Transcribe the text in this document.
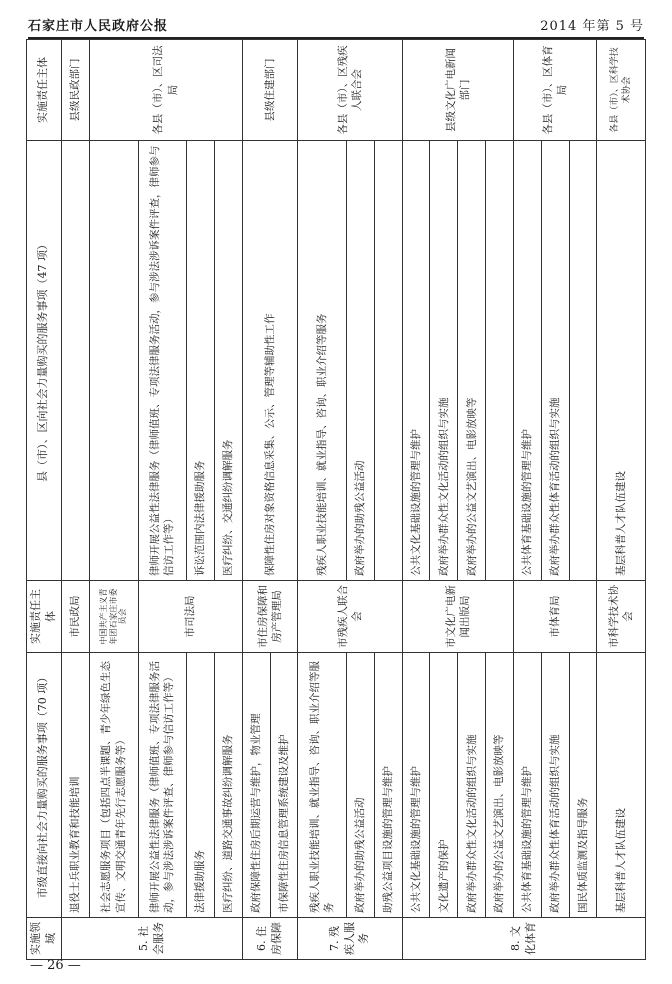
石家庄市人民政府公报	2014 年第 5 号
实施领域	市级直接向社会力量购买的服务事项（70 项）	实施责任主体	县（市）、区向社会力量购买的服务事项（47 项）	实施责任主体
5. 社会服务	退役士兵职业教育和技能培训	市民政局		县级民政部门
	社会志愿服务项目（包括四点半课题、青少年绿色生态宣传、文明交通青年先行志愿服务等）	中国共产主义青年团石家庄市委员会		各县（市）、区司法局
	律师开展公益性法律服务（律师值班、专项法律服务活动，参与涉法涉诉案件评查、律师参与信访工作等）	市司法局	律师开展公益性法律服务（律师值班、专项法律服务活动，参与涉法涉诉案件评查，律师参与信访工作等）	
	法律援助服务		诉讼范围内法律援助服务	
	医疗纠纷、道路交通事故纠纷调解服务		医疗纠纷、交通纠纷调解服务	
6. 住房保障	政府保障性住房后期运营与维护，物业管理	市住房保障和房产管理局	保障性住房对象资格信息采集、公示、管理等辅助性工作	县级住建部门
	市保障性住房信息管理系统建设及维护			
7. 残疾人服务	残疾人职业技能培训、就业指导、咨询、职业介绍等服务	市残疾人联合会	残疾人职业技能培训、就业指导、咨询、职业介绍等服务	各县（市）、区残疾人联合会
	政府举办的助残公益活动		政府举办的助残公益活动	
	助残公益项目设施的管理与维护			
8. 文化体育	公共文化基础设施的管理与维护	市文化广电新闻出版局	公共文化基础设施的管理与维护	县级文化广电新闻部门
	文化遗产的保护		政府举办群众性文化活动的组织与实施	
	政府举办群众性文化活动的组织与实施		政府举办的公益文艺演出、电影放映等	
	政府举办的公益文艺演出、电影放映等			
	公共体育基础设施的管理与维护	市体育局	公共体育基础设施的管理与维护	各县（市）、区体育局
	政府举办群众性体育活动的组织与实施		政府举办群众性体育活动的组织与实施	
	国民体质监测及指导服务			
	基层科普人才队伍建设	市科学技术协会	基层科普人才队伍建设	各县（市）、区科学技术协会
— 26 —
